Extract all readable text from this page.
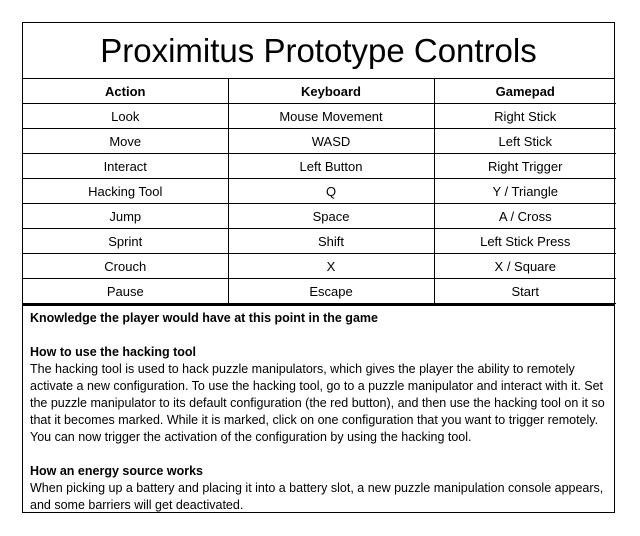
Proximitus Prototype Controls
Action	Keyboard	Gamepad
Look	Mouse Movement	Right Stick
Move	WASD	Left Stick
Interact	Left Button	Right Trigger
Hacking Tool	Q	Y / Triangle
Jump	Space	A / Cross
Sprint	Shift	Left Stick Press
Crouch	X	X / Square
Pause	Escape	Start
Knowledge the player would have at this point in the game
How to use the hacking tool
The hacking tool is used to hack puzzle manipulators, which gives the player the ability to remotely activate a new configuration. To use the hacking tool, go to a puzzle manipulator and interact with it. Set the puzzle manipulator to its default configuration (the red button), and then use the hacking tool on it so that it becomes marked. While it is marked, click on one configuration that you want to trigger remotely. You can now trigger the activation of the configuration by using the hacking tool.
How an energy source works
When picking up a battery and placing it into a battery slot, a new puzzle manipulation console appears, and some barriers will get deactivated.
